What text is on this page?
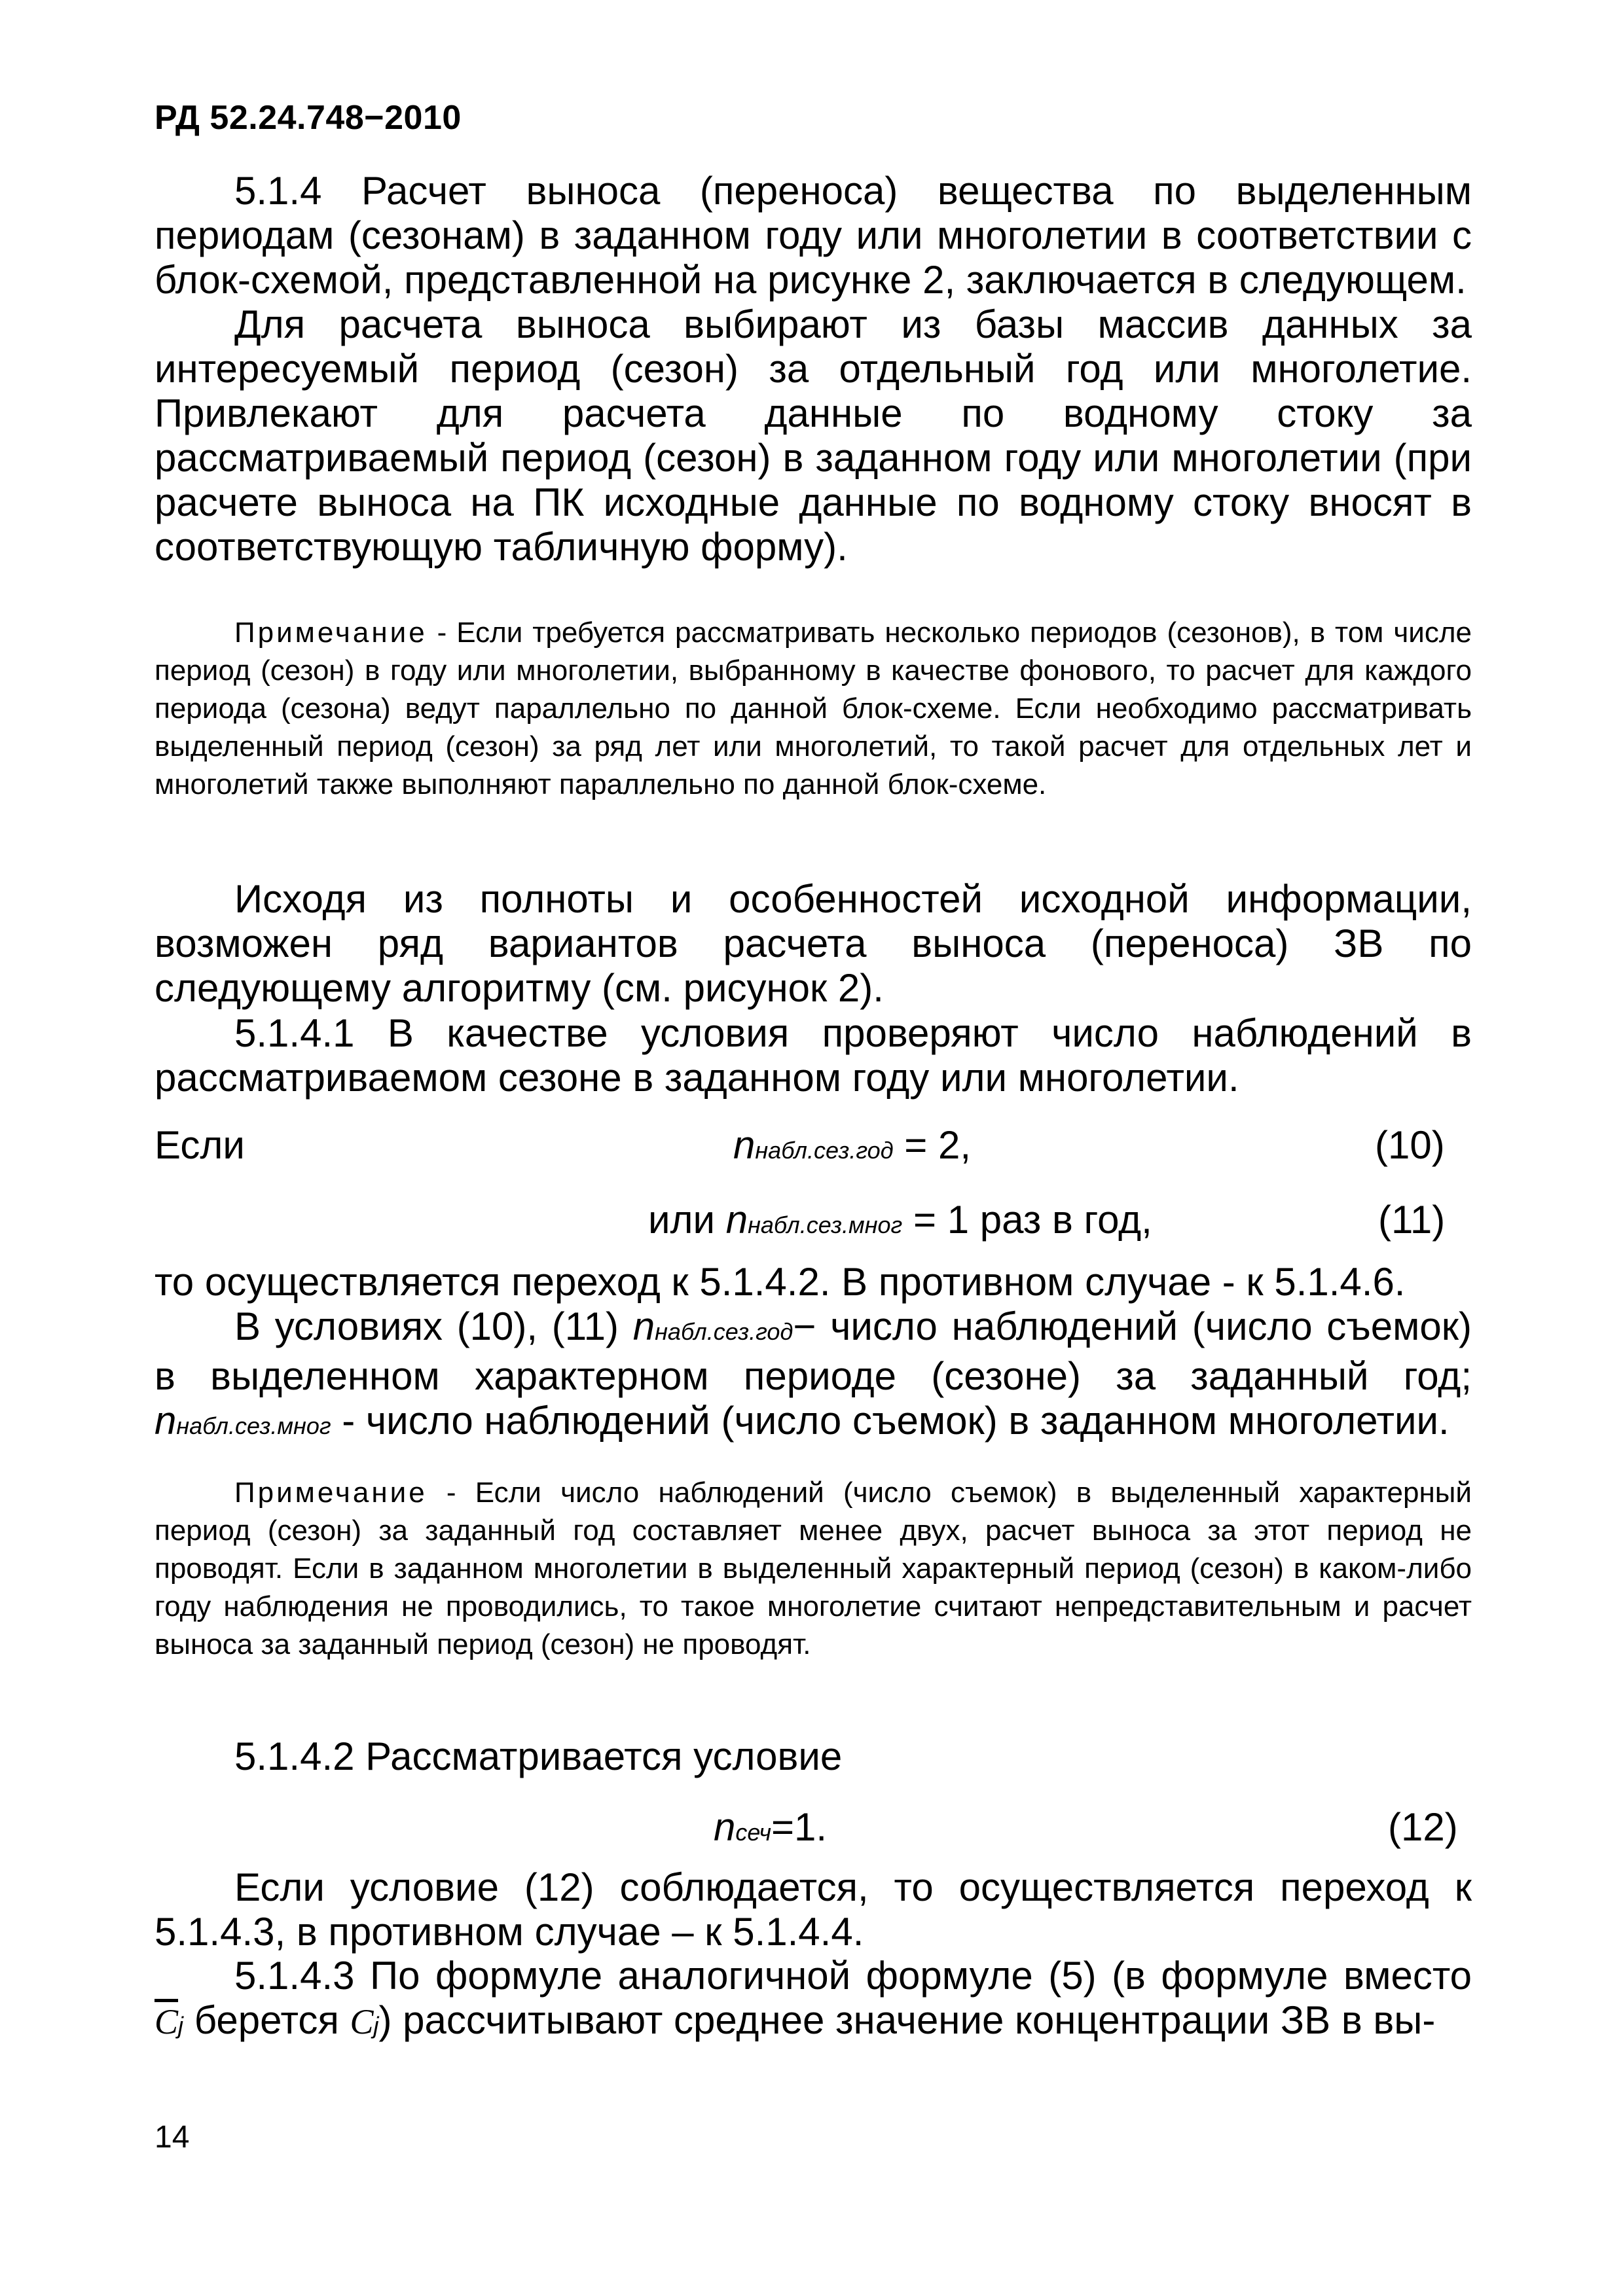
РД 52.24.748−2010

5.1.4 Расчет выноса (переноса) вещества по выделенным периодам (сезонам) в заданном году или многолетии в соответствии с блок-схемой, представленной на рисунке 2, заключается в следующем.

Для расчета выноса выбирают из базы массив данных за интересуемый период (сезон) за отдельный год или многолетие. Привлекают для расчета данные по водному стоку за рассматриваемый период (сезон) в заданном году или многолетии (при расчете выноса на ПК исходные данные по водному стоку вносят в соответствующую табличную форму).

Примечание - Если требуется рассматривать несколько периодов (сезонов), в том числе период (сезон) в году или многолетии, выбранному в качестве фонового, то расчет для каждого периода (сезона) ведут параллельно по данной блок-схеме. Если необходимо рассматривать выделенный период (сезон) за ряд лет или многолетий, то такой расчет для отдельных лет и многолетий также выполняют параллельно по данной блок-схеме.

Исходя из полноты и особенностей исходной информации, возможен ряд вариантов расчета выноса (переноса) ЗВ по следующему алгоритму (см. рисунок 2).

5.1.4.1 В качестве условия проверяют число наблюдений в рассматриваемом сезоне в заданном году или многолетии.

Если	nнабл.сез.год = 2,	(10)
или nнабл.сез.мног = 1 раз в год,	(11)

то осуществляется переход к 5.1.4.2. В противном случае - к 5.1.4.6.

В условиях (10), (11) nнабл.сез.год− число наблюдений (число съемок) в выделенном характерном периоде (сезоне) за заданный год; nнабл.сез.мног - число наблюдений (число съемок) в заданном многолетии.

Примечание - Если число наблюдений (число съемок) в выделенный характерный период (сезон) за заданный год составляет менее двух, расчет выноса за этот период не проводят. Если в заданном многолетии в выделенный характерный период (сезон) в каком-либо году наблюдения не проводились, то такое многолетие считают непредставительным и расчет выноса за заданный период (сезон) не проводят.

5.1.4.2 Рассматривается условие

nсеч=1.	(12)

Если условие (12) соблюдается, то осуществляется переход к 5.1.4.3, в противном случае – к 5.1.4.4.

5.1.4.3 По формуле аналогичной формуле (5) (в формуле вместо $\overline{C}j$ берется Cj) рассчитывают среднее значение концентрации ЗВ в вы-

14
